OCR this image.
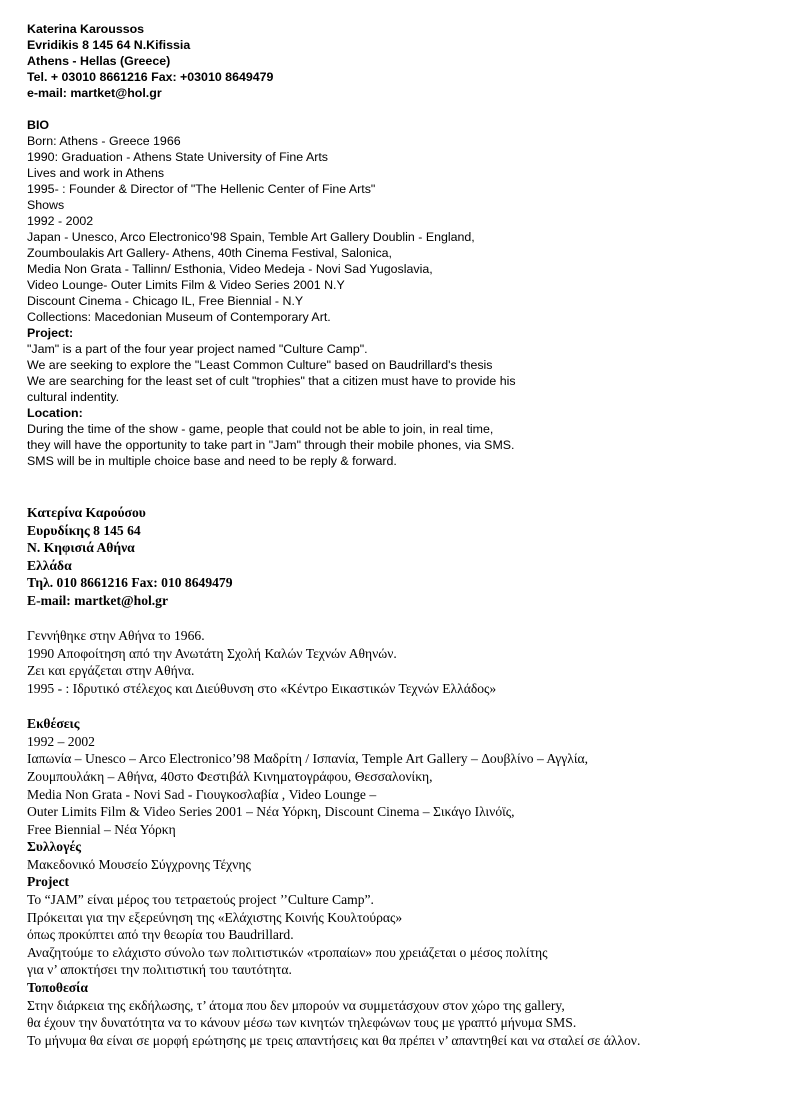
Katerina Karoussos
Evridikis 8 145 64 N.Kifissia
Athens - Hellas (Greece)
Tel. + 03010 8661216 Fax: +03010 8649479
e-mail: martket@hol.gr
BIO
Born: Athens - Greece 1966
1990: Graduation - Athens State University of Fine Arts
Lives and work in Athens
1995- : Founder & Director of "The Hellenic Center of Fine Arts"
Shows
1992 - 2002
Japan - Unesco, Arco Electronico'98 Spain, Temble Art Gallery Doublin - England,
Zoumboulakis Art Gallery- Athens, 40th Cinema Festival, Salonica,
Media Non Grata - Tallinn/ Esthonia, Video Medeja - Novi Sad Yugoslavia,
Video Lounge- Outer Limits Film & Video Series 2001 N.Y
Discount Cinema - Chicago IL, Free Biennial - N.Y
Collections: Macedonian Museum of Contemporary Art.
Project:
"Jam" is a part of the four year project named "Culture Camp".
We are seeking to explore the "Least Common Culture" based on Baudrillard's thesis
We are searching for the least set of cult "trophies" that a citizen must have to provide his
cultural indentity.
Location:
During the time of the show - game, people that could not be able to join, in real time,
they will have the opportunity to take part in "Jam" through their mobile phones, via SMS.
SMS will be in multiple choice base and need to be reply & forward.
Κατερίνα Καρούσου
Ευρυδίκης 8 145 64
Ν. Κηφισιά Αθήνα
Ελλάδα
Τηλ. 010 8661216 Fax: 010 8649479
E-mail: martket@hol.gr
Γεννήθηκε στην Αθήνα το 1966.
1990 Αποφοίτηση από την Ανωτάτη Σχολή Καλών Τεχνών Αθηνών.
Ζει και εργάζεται στην Αθήνα.
1995 - : Ιδρυτικό στέλεχος και Διεύθυνση στο «Κέντρο Εικαστικών Τεχνών Ελλάδος»
Εκθέσεις
1992 – 2002
Ιαπωνία – Unesco – Arco Electronico’98 Μαδρίτη / Ισπανία, Temple Art Gallery – Δουβλίνο – Αγγλία,
Ζουμπουλάκη – Αθήνα, 40στο Φεστιβάλ Κινηματογράφου, Θεσσαλονίκη,
Media Non Grata - Novi Sad - Γιουγκοσλαβία , Video Lounge –
Outer Limits Film & Video Series 2001 – Νέα Υόρκη, Discount Cinema – Σικάγο Ιλινόϊς,
Free Biennial – Νέα Υόρκη
Συλλογές
Μακεδονικό Μουσείο Σύγχρονης Τέχνης
Project
Το “JAM” είναι μέρος του τετραετούς project ’’Culture Camp”.
Πρόκειται για την εξερεύνηση της «Ελάχιστης Κοινής Κουλτούρας»
όπως προκύπτει από την θεωρία του Baudrillard.
Αναζητούμε το ελάχιστο σύνολο των πολιτιστικών «τροπαίων» που χρειάζεται ο μέσος πολίτης
για ν’ αποκτήσει την πολιτιστική του ταυτότητα.
Τοποθεσία
Στην διάρκεια της εκδήλωσης, τ’ άτομα που δεν μπορούν να συμμετάσχουν στον χώρο της gallery,
θα έχουν την δυνατότητα να το κάνουν μέσω των κινητών τηλεφώνων τους με γραπτό μήνυμα SMS.
Το μήνυμα θα είναι σε μορφή ερώτησης με τρεις απαντήσεις και θα πρέπει ν’ απαντηθεί και να σταλεί σε άλλον.
